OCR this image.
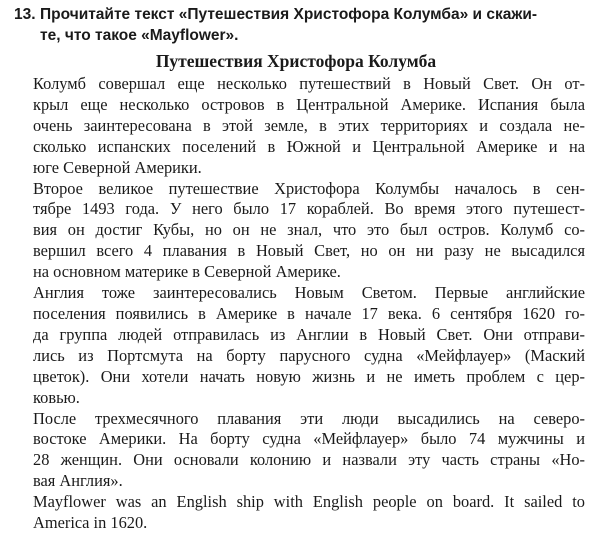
13. Прочитайте текст «Путешествия Христофора Колумба» и скажи-
те, что такое «Mayflower».
Путешествия Христофора Колумба
Колумб совершал еще несколько путешествий в Новый Свет. Он от-
крыл еще несколько островов в Центральной Америке. Испания была
очень заинтересована в этой земле, в этих территориях и создала не-
сколько испанских поселений в Южной и Центральной Америке и на
юге Северной Америки.
Второе великое путешествие Христофора Колумбы началось в сен-
тябре 1493 года. У него было 17 кораблей. Во время этого путешест-
вия он достиг Кубы, но он не знал, что это был остров. Колумб со-
вершил всего 4 плавания в Новый Свет, но он ни разу не высадился
на основном материке в Северной Америке.
Англия тоже заинтересовались Новым Светом. Первые английские
поселения появились в Америке в начале 17 века. 6 сентября 1620 го-
да группа людей отправилась из Англии в Новый Свет. Они отправи-
лись из Портсмута на борту парусного судна «Мейфлауер» (Маский
цветок). Они хотели начать новую жизнь и не иметь проблем с цер-
ковью.
После трехмесячного плавания эти люди высадились на северо-
востоке Америки. На борту судна «Мейфлауер» было 74 мужчины и
28 женщин. Они основали колонию и назвали эту часть страны «Но-
вая Англия».
Mayflower was an English ship with English people on board. It sailed to
America in 1620.
